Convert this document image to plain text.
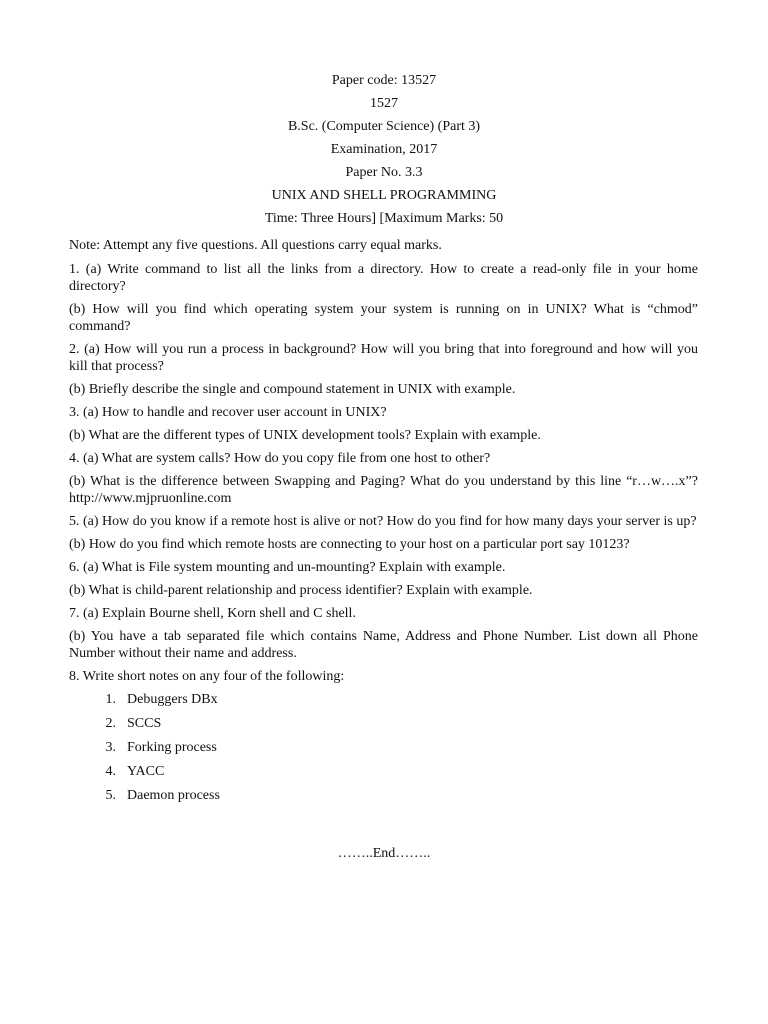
Paper code: 13527
1527
B.Sc. (Computer Science) (Part 3)
Examination, 2017
Paper No. 3.3
UNIX AND SHELL PROGRAMMING
Time: Three Hours] [Maximum Marks: 50
Note: Attempt any five questions. All questions carry equal marks.
1. (a) Write command to list all the links from a directory. How to create a read-only file in your home directory?
(b) How will you find which operating system your system is running on in UNIX? What is “chmod” command?
2. (a) How will you run a process in background? How will you bring that into foreground and how will you kill that process?
(b) Briefly describe the single and compound statement in UNIX with example.
3. (a) How to handle and recover user account in UNIX?
(b) What are the different types of UNIX development tools? Explain with example.
4. (a) What are system calls? How do you copy file from one host to other?
(b) What is the difference between Swapping and Paging? What do you understand by this line “r…w….x”? http://www.mjpruonline.com
5. (a) How do you know if a remote host is alive or not? How do you find for how many days your server is up?
(b) How do you find which remote hosts are connecting to your host on a particular port say 10123?
6. (a) What is File system mounting and un-mounting? Explain with example.
(b) What is child-parent relationship and process identifier? Explain with example.
7. (a) Explain Bourne shell, Korn shell and C shell.
(b) You have a tab separated file which contains Name, Address and Phone Number. List down all Phone Number without their name and address.
8. Write short notes on any four of the following:
1. Debuggers DBx
2. SCCS
3. Forking process
4. YACC
5. Daemon process
……..End……..
